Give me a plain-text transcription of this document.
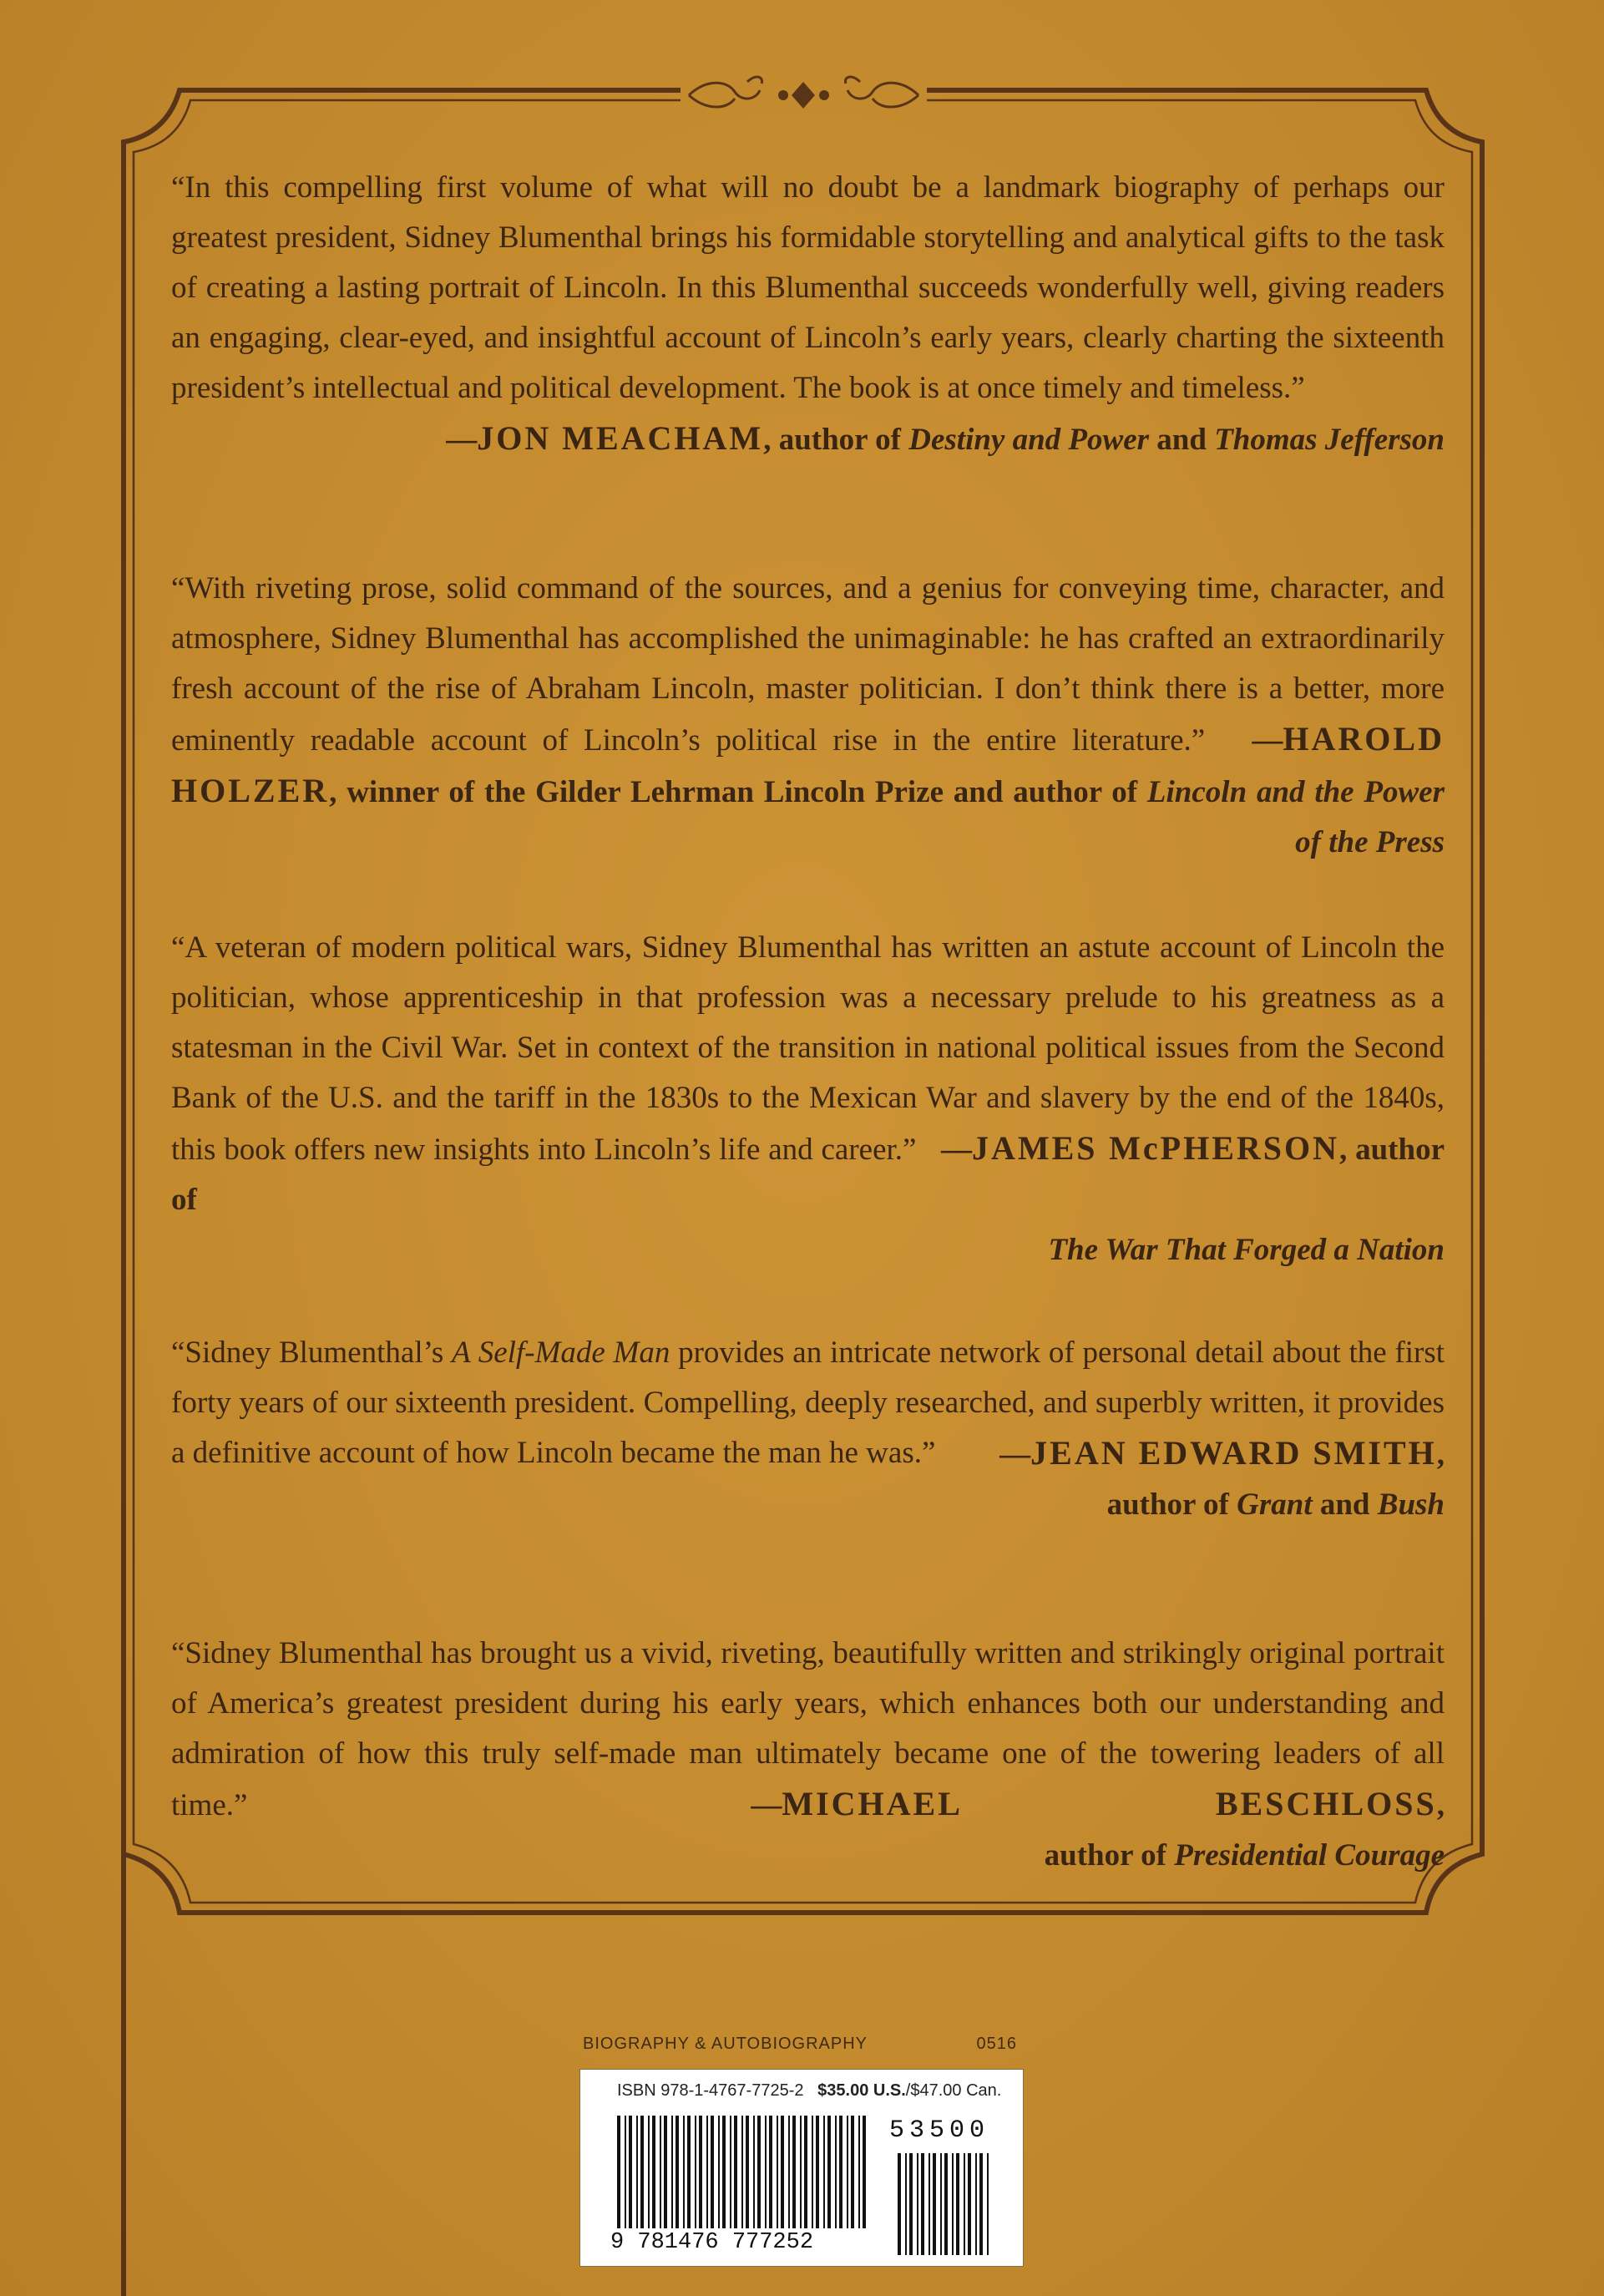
“In this compelling first volume of what will no doubt be a landmark biography of perhaps our greatest president, Sidney Blumenthal brings his formidable storytelling and analytical gifts to the task of creating a lasting portrait of Lincoln. In this Blumenthal succeeds wonderfully well, giving readers an engaging, clear-eyed, and insightful account of Lincoln’s early years, clearly charting the sixteenth president’s intellectual and political development. The book is at once timely and timeless.”
—JON MEACHAM, author of Destiny and Power and Thomas Jefferson
“With riveting prose, solid command of the sources, and a genius for conveying time, character, and atmosphere, Sidney Blumenthal has accomplished the unimaginable: he has crafted an extraordinarily fresh account of the rise of Abraham Lincoln, master politician. I don’t think there is a better, more eminently readable account of Lincoln’s political rise in the entire literature.” —HAROLD HOLZER, winner of the Gilder Lehrman Lincoln Prize and author of Lincoln and the Power of the Press
“A veteran of modern political wars, Sidney Blumenthal has written an astute account of Lincoln the politician, whose apprenticeship in that profession was a necessary prelude to his greatness as a statesman in the Civil War. Set in context of the transition in national political issues from the Second Bank of the U.S. and the tariff in the 1830s to the Mexican War and slavery by the end of the 1840s, this book offers new insights into Lincoln’s life and career.” —JAMES McPHERSON, author of
The War That Forged a Nation
“Sidney Blumenthal’s A Self-Made Man provides an intricate network of personal detail about the first forty years of our sixteenth president. Compelling, deeply researched, and superbly written, it provides a definitive account of how Lincoln became the man he was.”	—JEAN EDWARD SMITH,
author of Grant and Bush
“Sidney Blumenthal has brought us a vivid, riveting, beautifully written and strikingly original portrait of America’s greatest president during his early years, which enhances both our understanding and admiration of how this truly self-made man ultimately became one of the towering leaders of all time.”	—MICHAEL BESCHLOSS,
author of Presidential Courage
BIOGRAPHY & AUTOBIOGRAPHY	0516
ISBN 978-1-4767-7725-2 $35.00 U.S./$47.00 Can.
53500
9 781476 777252
